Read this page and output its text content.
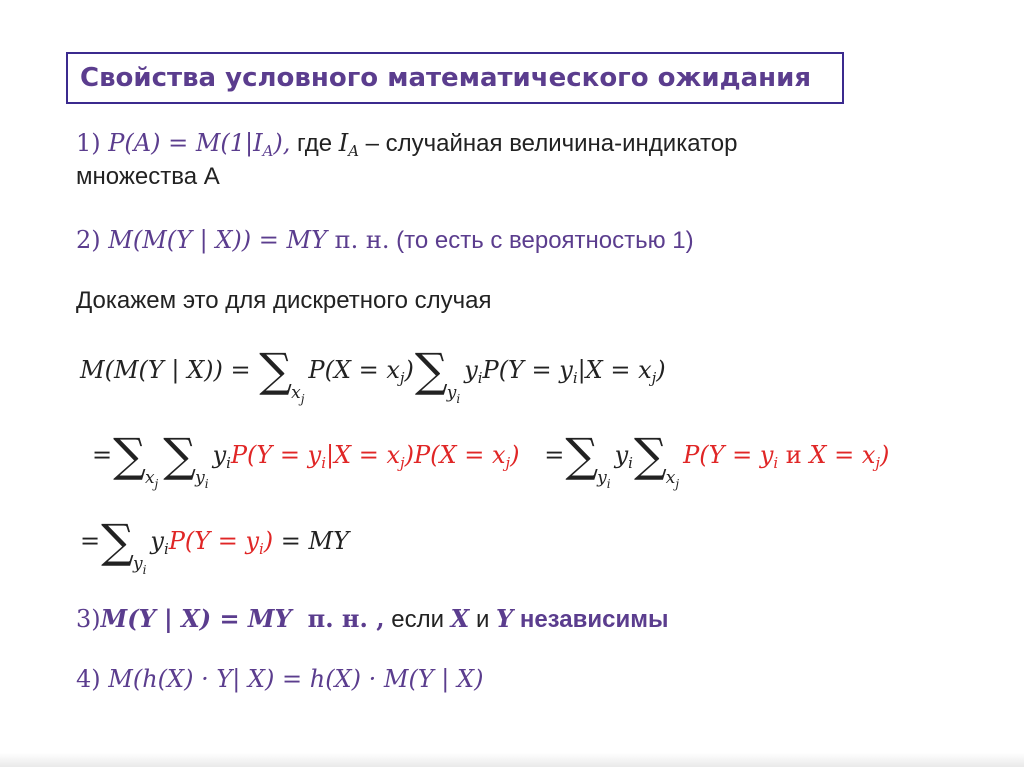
Свойства условного математического ожидания
1) $P(A) = M(1|I_A)$, где $I_A$ – случайная величина-индикатор
множества А
2) M(M(Y | X)) = MY п. н. (то есть с вероятностью 1)
Докажем это для дискретного случая
M(M(Y | $X)) = \sum_{x_j}P(X = x_j)\sum_{y_i}y_iP(Y = y_i|X = x_j)$
$=\sum_{x_j}\sum_{y_i}y_iP(Y = y_i|X = x_j)P(X = x_j) =\sum_{y_i}y_i\sum_{x_j}P(Y = y_i$ и $X = x_j$)
$=\sum_{y_i}y_iP(Y = y_i)$ = MY
3)M(Y | X) = MY п. н. , если X и Y независимы
4) M(h(X) · Y| X) = h(X) · M(Y | X)
